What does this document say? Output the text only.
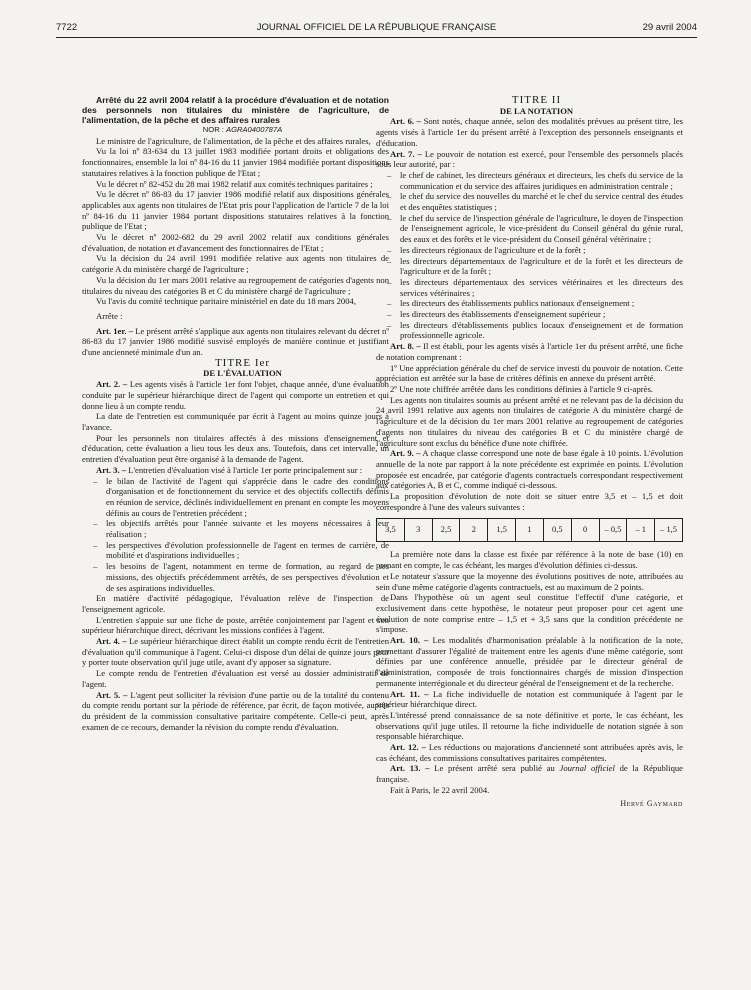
7722	JOURNAL OFFICIEL DE LA RÉPUBLIQUE FRANÇAISE	29 avril 2004

Arrêté du 22 avril 2004 relatif à la procédure d'évaluation et de notation des personnels non titulaires du ministère de l'agriculture, de l'alimentation, de la pêche et des affaires rurales

NOR : AGRA0400787A

Le ministre de l'agriculture, de l'alimentation, de la pêche et des affaires rurales,

Vu la loi nº 83-634 du 13 juillet 1983 modifiée portant droits et obligations des fonctionnaires, ensemble la loi nº 84-16 du 11 janvier 1984 modifiée portant dispositions statutaires relatives à la fonction publique de l'Etat ;

Vu le décret nº 82-452 du 28 mai 1982 relatif aux comités techniques paritaires ;

Vu le décret nº 86-83 du 17 janvier 1986 modifié relatif aux dispositions générales applicables aux agents non titulaires de l'Etat pris pour l'application de l'article 7 de la loi nº 84-16 du 11 janvier 1984 portant dispositions statutaires relatives à la fonction publique de l'Etat ;

Vu le décret nº 2002-682 du 29 avril 2002 relatif aux conditions générales d'évaluation, de notation et d'avancement des fonctionnaires de l'Etat ;

Vu la décision du 24 avril 1991 modifiée relative aux agents non titulaires de catégorie A du ministère chargé de l'agriculture ;

Vu la décision du 1er mars 2001 relative au regroupement de catégories d'agents non titulaires du niveau des catégories B et C du ministère chargé de l'agriculture ;

Vu l'avis du comité technique paritaire ministériel en date du 18 mars 2004,

Arrête :

Art. 1er. – Le présent arrêté s'applique aux agents non titulaires relevant du décret nº 86-83 du 17 janvier 1986 modifié susvisé employés de manière continue et justifiant d'une ancienneté minimale d'un an.

TITRE Ier

DE L'ÉVALUATION

Art. 2. – Les agents visés à l'article 1er font l'objet, chaque année, d'une évaluation conduite par le supérieur hiérarchique direct de l'agent qui comporte un entretien et qui donne lieu à un compte rendu.

La date de l'entretien est communiquée par écrit à l'agent au moins quinze jours à l'avance.

Pour les personnels non titulaires affectés à des missions d'enseignement et d'éducation, cette évaluation a lieu tous les deux ans. Toutefois, dans cet intervalle, un entretien d'évaluation peut être organisé à la demande de l'agent.

Art. 3. – L'entretien d'évaluation visé à l'article 1er porte principalement sur :

– le bilan de l'activité de l'agent qui s'apprécie dans le cadre des conditions d'organisation et de fonctionnement du service et des objectifs collectifs définis en réunion de service, déclinés individuellement en prenant en compte les moyens définis au cours de l'entretien précédent ;
– les objectifs arrêtés pour l'année suivante et les moyens nécessaires à leur réalisation ;
– les perspectives d'évolution professionnelle de l'agent en termes de carrière, de mobilité et d'aspirations individuelles ;
– les besoins de l'agent, notamment en terme de formation, au regard de ses missions, des objectifs précédemment arrêtés, de ses perspectives d'évolution et de ses aspirations individuelles.

En matière d'activité pédagogique, l'évaluation relève de l'inspection de l'enseignement agricole.

L'entretien s'appuie sur une fiche de poste, arrêtée conjointement par l'agent et son supérieur hiérarchique direct, décrivant les missions confiées à l'agent.

Art. 4. – Le supérieur hiérarchique direct établit un compte rendu écrit de l'entretien d'évaluation qu'il communique à l'agent. Celui-ci dispose d'un délai de quinze jours pour y porter toute observation qu'il juge utile, avant d'y apposer sa signature.

Le compte rendu de l'entretien d'évaluation est versé au dossier administratif de l'agent.

Art. 5. – L'agent peut solliciter la révision d'une partie ou de la totalité du contenu du compte rendu portant sur la période de référence, par écrit, de façon motivée, auprès du président de la commission consultative paritaire compétente. Celle-ci peut, après examen de ce recours, demander la révision du compte rendu d'évaluation.

TITRE II

DE LA NOTATION

Art. 6. – Sont notés, chaque année, selon des modalités prévues au présent titre, les agents visés à l'article 1er du présent arrêté à l'exception des personnels enseignants et d'éducation.

Art. 7. – Le pouvoir de notation est exercé, pour l'ensemble des personnels placés sous leur autorité, par :

– le chef de cabinet, les directeurs généraux et directeurs, les chefs du service de la communication et du service des affaires juridiques en administration centrale ;
– le chef du service des nouvelles du marché et le chef du service central des études et des enquêtes statistiques ;
– le chef du service de l'inspection générale de l'agriculture, le doyen de l'inspection de l'enseignement agricole, le vice-président du Conseil général du génie rural, des eaux et des forêts et le vice-président du Conseil général vétérinaire ;
– les directeurs régionaux de l'agriculture et de la forêt ;
– les directeurs départementaux de l'agriculture et de la forêt et les directeurs de l'agriculture et de la forêt ;
– les directeurs départementaux des services vétérinaires et les directeurs des services vétérinaires ;
– les directeurs des établissements publics nationaux d'enseignement ;
– les directeurs des établissements d'enseignement supérieur ;
– les directeurs d'établissements publics locaux d'enseignement et de formation professionnelle agricole.

Art. 8. – Il est établi, pour les agents visés à l'article 1er du présent arrêté, une fiche de notation comprenant :

1º Une appréciation générale du chef de service investi du pouvoir de notation. Cette appréciation est arrêtée sur la base de critères définis en annexe du présent arrêté.

2º Une note chiffrée arrêtée dans les conditions définies à l'article 9 ci-après.

Les agents non titulaires soumis au présent arrêté et ne relevant pas de la décision du 24 avril 1991 relative aux agents non titulaires de catégorie A du ministère chargé de l'agriculture et de la décision du 1er mars 2001 relative au regroupement de catégories d'agents non titulaires du niveau des catégories B et C du ministère chargé de l'agriculture sont exclus du bénéfice d'une note chiffrée.

Art. 9. – A chaque classe correspond une note de base égale à 10 points. L'évolution annuelle de la note par rapport à la note précédente est exprimée en points. L'évolution proposée est encadrée, par catégorie d'agents contractuels correspondant respectivement aux catégories A, B et C, comme indiqué ci-dessous.

La proposition d'évolution de note doit se situer entre 3,5 et – 1,5 et doit correspondre à l'une des valeurs suivantes :

3,5	3	2,5	2	1,5	1	0,5	0	– 0,5	– 1	– 1,5

La première note dans la classe est fixée par référence à la note de base (10) en prenant en compte, le cas échéant, les marges d'évolution définies ci-dessus.

Le notateur s'assure que la moyenne des évolutions positives de note, attribuées au sein d'une même catégorie d'agents contractuels, est au maximum de 2 points.

Dans l'hypothèse où un agent seul constitue l'effectif d'une catégorie, et exclusivement dans cette hypothèse, le notateur peut proposer pour cet agent une évolution de note comprise entre – 1,5 et + 3,5 sans que la condition précédente ne s'impose.

Art. 10. – Les modalités d'harmonisation préalable à la notification de la note, permettant d'assurer l'égalité de traitement entre les agents d'une même catégorie, sont définies par une conférence annuelle, présidée par le directeur général de l'administration, composée de trois fonctionnaires chargés de mission d'inspection permanente interrégionale et du directeur général de l'enseignement et de la recherche.

Art. 11. – La fiche individuelle de notation est communiquée à l'agent par le supérieur hiérarchique direct.

L'intéressé prend connaissance de sa note définitive et porte, le cas échéant, les observations qu'il juge utiles. Il retourne la fiche individuelle de notation signée à son responsable hiérarchique.

Art. 12. – Les réductions ou majorations d'ancienneté sont attribuées après avis, le cas échéant, des commissions consultatives paritaires compétentes.

Art. 13. – Le présent arrêté sera publié au Journal officiel de la République française.

Fait à Paris, le 22 avril 2004.

Hervé Gaymard
